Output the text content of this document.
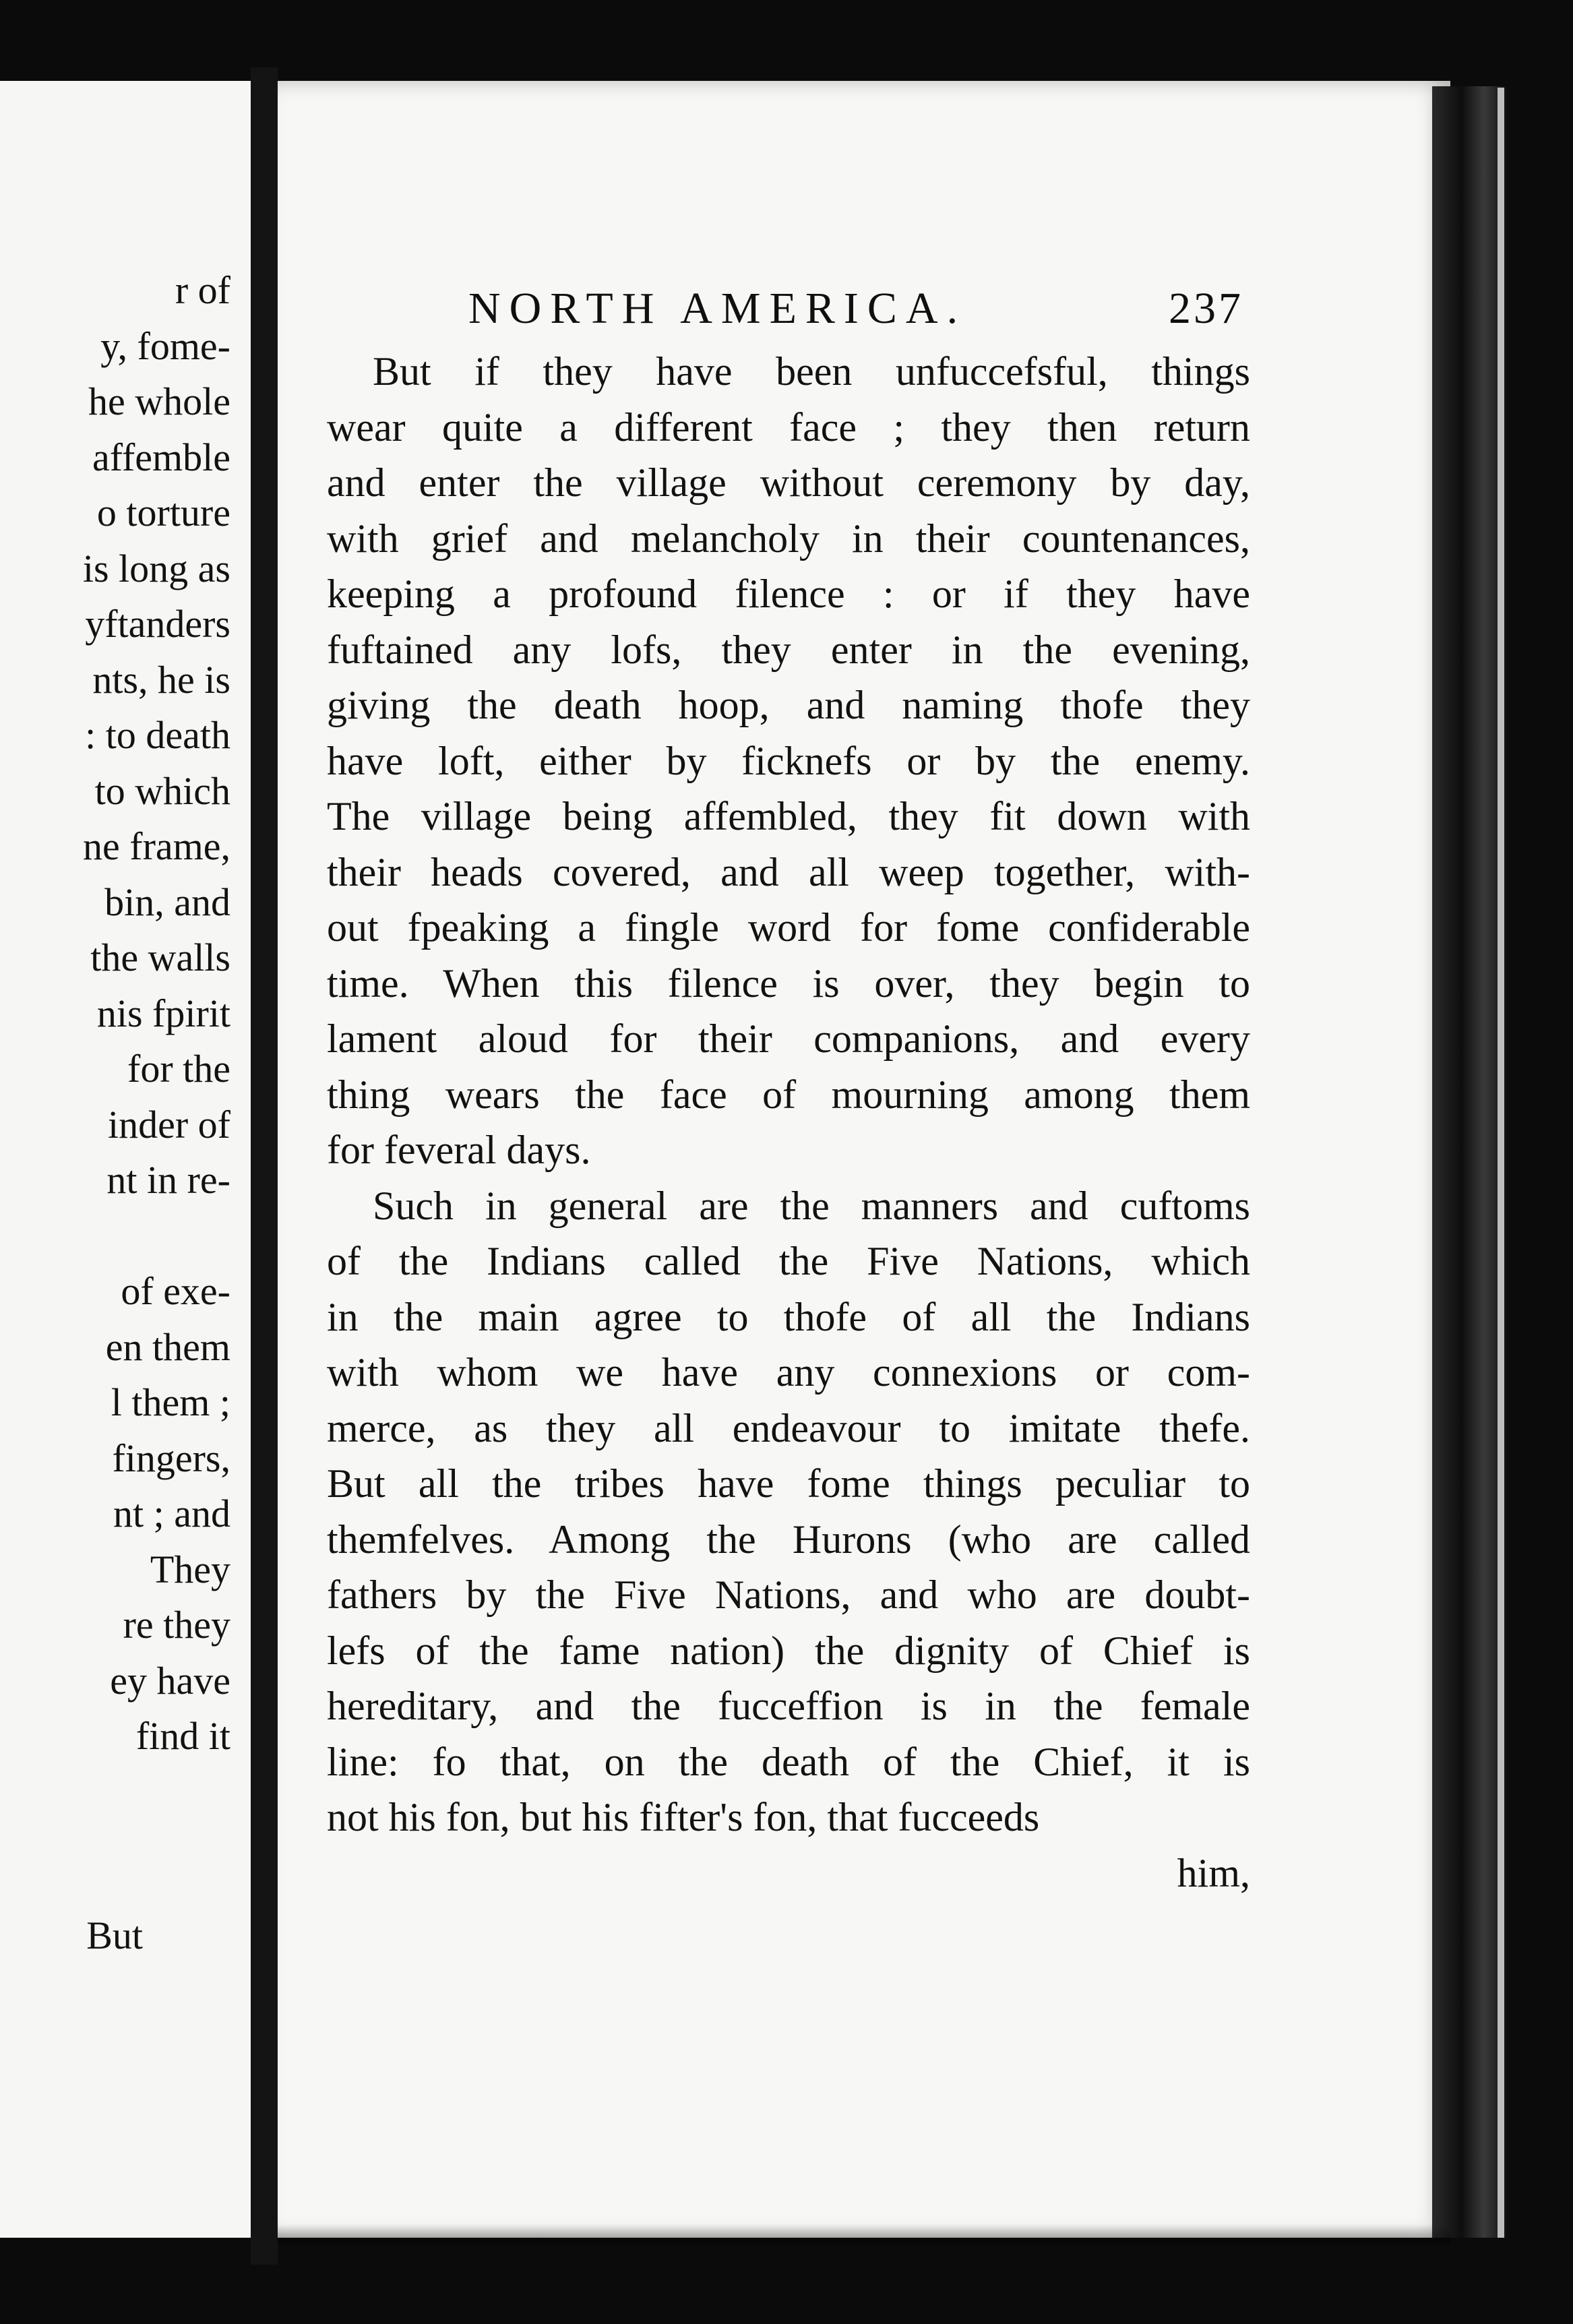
But
r of
y, fome-
he whole
affemble
o torture
is long as
yftanders
nts, he is
: to death
to which
ne frame,
bin, and
the walls
nis fpirit
for the
inder of
nt in re-
of exe-
en them
l them ;
fingers,
nt ; and
They
re they
ey have
find it
NORTH AMERICA.	237
But if they have been unfuccefsful, things
wear quite a different face ; they then return
and enter the village without ceremony by day,
with grief and melancholy in their countenances,
keeping a profound filence : or if they have
fuftained any lofs, they enter in the evening,
giving the death hoop, and naming thofe they
have loft, either by ficknefs or by the enemy.
The village being affembled, they fit down with
their heads covered, and all weep together, with-
out fpeaking a fingle word for fome confiderable
time. When this filence is over, they begin to
lament aloud for their companions, and every
thing wears the face of mourning among them
for feveral days.
Such in general are the manners and cuftoms
of the Indians called the Five Nations, which
in the main agree to thofe of all the Indians
with whom we have any connexions or com-
merce, as they all endeavour to imitate thefe.
But all the tribes have fome things peculiar to
themfelves. Among the Hurons (who are called
fathers by the Five Nations, and who are doubt-
lefs of the fame nation) the dignity of Chief is
hereditary, and the fucceffion is in the female
line: fo that, on the death of the Chief, it is
not his fon, but his fifter's fon, that fucceeds
him,
